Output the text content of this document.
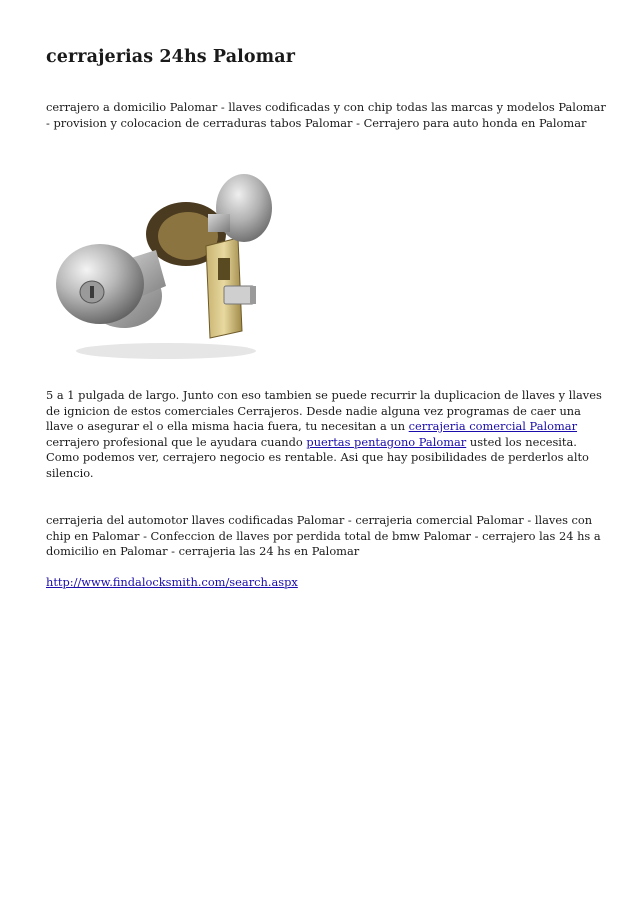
cerrajerias 24hs Palomar

cerrajero a domicilio Palomar - llaves codificadas y con chip todas las marcas y modelos Palomar - provision y colocacion de cerraduras tabos Palomar - Cerrajero para auto honda en Palomar

5 a 1 pulgada de largo. Junto con eso tambien se puede recurrir la duplicacion de llaves y llaves de ignicion de estos comerciales Cerrajeros. Desde nadie alguna vez programas de caer una llave o asegurar el o ella misma hacia fuera, tu necesitan a un cerrajeria comercial Palomar cerrajero profesional que le ayudara cuando puertas pentagono Palomar usted los necesita. Como podemos ver, cerrajero negocio es rentable. Asi que hay posibilidades de perderlos alto silencio.

cerrajeria del automotor llaves codificadas Palomar - cerrajeria comercial Palomar - llaves con chip en Palomar - Confeccion de llaves por perdida total de bmw Palomar - cerrajero las 24 hs a domicilio en Palomar - cerrajeria las 24 hs en Palomar

http://www.findalocksmith.com/search.aspx
